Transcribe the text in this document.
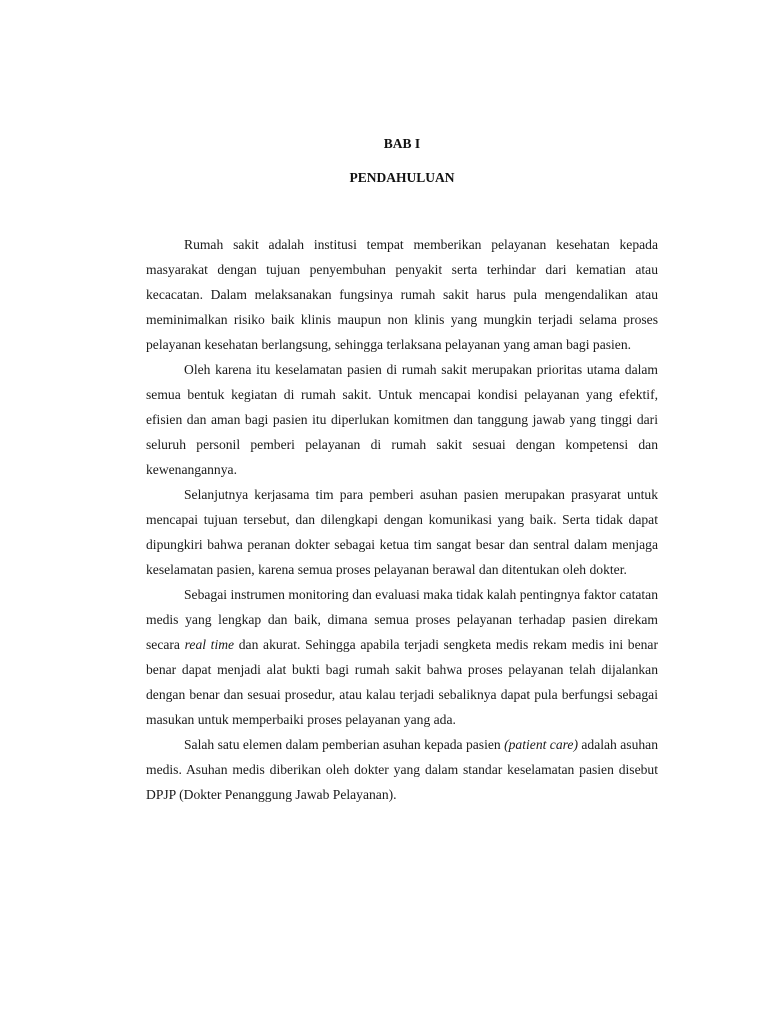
BAB I
PENDAHULUAN

Rumah sakit adalah institusi tempat memberikan pelayanan kesehatan kepada masyarakat dengan tujuan penyembuhan penyakit serta terhindar dari kematian atau kecacatan. Dalam melaksanakan fungsinya rumah sakit harus pula mengendalikan atau meminimalkan risiko baik klinis maupun non klinis yang mungkin terjadi selama proses pelayanan kesehatan berlangsung, sehingga terlaksana pelayanan yang aman bagi pasien.

Oleh karena itu keselamatan pasien di rumah sakit merupakan prioritas utama dalam semua bentuk kegiatan di rumah sakit. Untuk mencapai kondisi pelayanan yang efektif, efisien dan aman bagi pasien itu diperlukan komitmen dan tanggung jawab yang tinggi dari seluruh personil pemberi pelayanan di rumah sakit sesuai dengan kompetensi dan kewenangannya.

Selanjutnya kerjasama tim para pemberi asuhan pasien merupakan prasyarat untuk mencapai tujuan tersebut, dan dilengkapi dengan komunikasi yang baik. Serta tidak dapat dipungkiri bahwa peranan dokter sebagai ketua tim sangat besar dan sentral dalam menjaga keselamatan pasien, karena semua proses pelayanan berawal dan ditentukan oleh dokter.

Sebagai instrumen monitoring dan evaluasi maka tidak kalah pentingnya faktor catatan medis yang lengkap dan baik, dimana semua proses pelayanan terhadap pasien direkam secara real time dan akurat. Sehingga apabila terjadi sengketa medis rekam medis ini benar benar dapat menjadi alat bukti bagi rumah sakit bahwa proses pelayanan telah dijalankan dengan benar dan sesuai prosedur, atau kalau terjadi sebaliknya dapat pula berfungsi sebagai masukan untuk memperbaiki proses pelayanan yang ada.

Salah satu elemen dalam pemberian asuhan kepada pasien (patient care) adalah asuhan medis. Asuhan medis diberikan oleh dokter yang dalam standar keselamatan pasien disebut DPJP (Dokter Penanggung Jawab Pelayanan).
